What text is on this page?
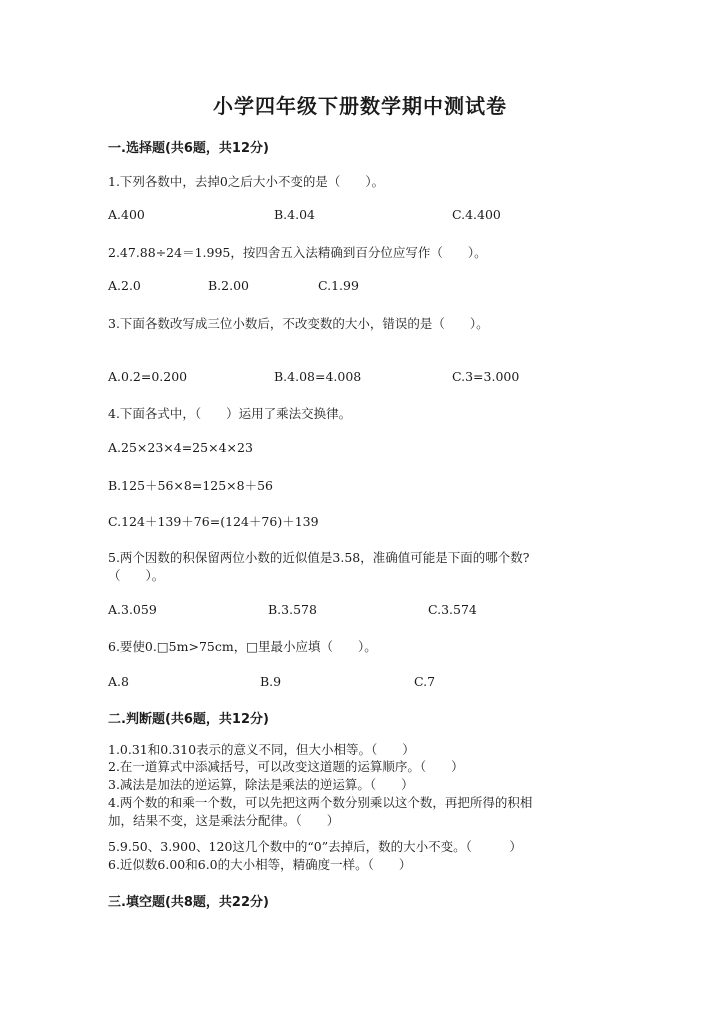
小学四年级下册数学期中测试卷
一.选择题(共6题，共12分)
1.下列各数中，去掉0之后大小不变的是（　　）。
A.400	B.4.04	C.4.400
2.47.88÷24＝1.995，按四舍五入法精确到百分位应写作（　　）。
A.2.0	B.2.00	C.1.99
3.下面各数改写成三位小数后，不改变数的大小，错误的是（　　）。
A.0.2=0.200	B.4.08=4.008	C.3=3.000
4.下面各式中，（　　）运用了乘法交换律。
A.25×23×4=25×4×23
B.125＋56×8=125×8＋56
C.124＋139＋76=(124＋76)＋139
5.两个因数的积保留两位小数的近似值是3.58，准确值可能是下面的哪个数?
（　　）。
A.3.059	B.3.578	C.3.574
6.要使0.□5m>75cm，□里最小应填（　　）。
A.8	B.9	C.7
二.判断题(共6题，共12分)
1.0.31和0.310表示的意义不同，但大小相等。（　　）
2.在一道算式中添减括号，可以改变这道题的运算顺序。（　　）
3.减法是加法的逆运算，除法是乘法的逆运算。（　　）
4.两个数的和乘一个数，可以先把这两个数分别乘以这个数，再把所得的积相
加，结果不变，这是乘法分配律。（　　）
5.9.50、3.900、120这几个数中的“0”去掉后，数的大小不变。（　　　）
6.近似数6.00和6.0的大小相等，精确度一样。（　　）
三.填空题(共8题，共22分)
